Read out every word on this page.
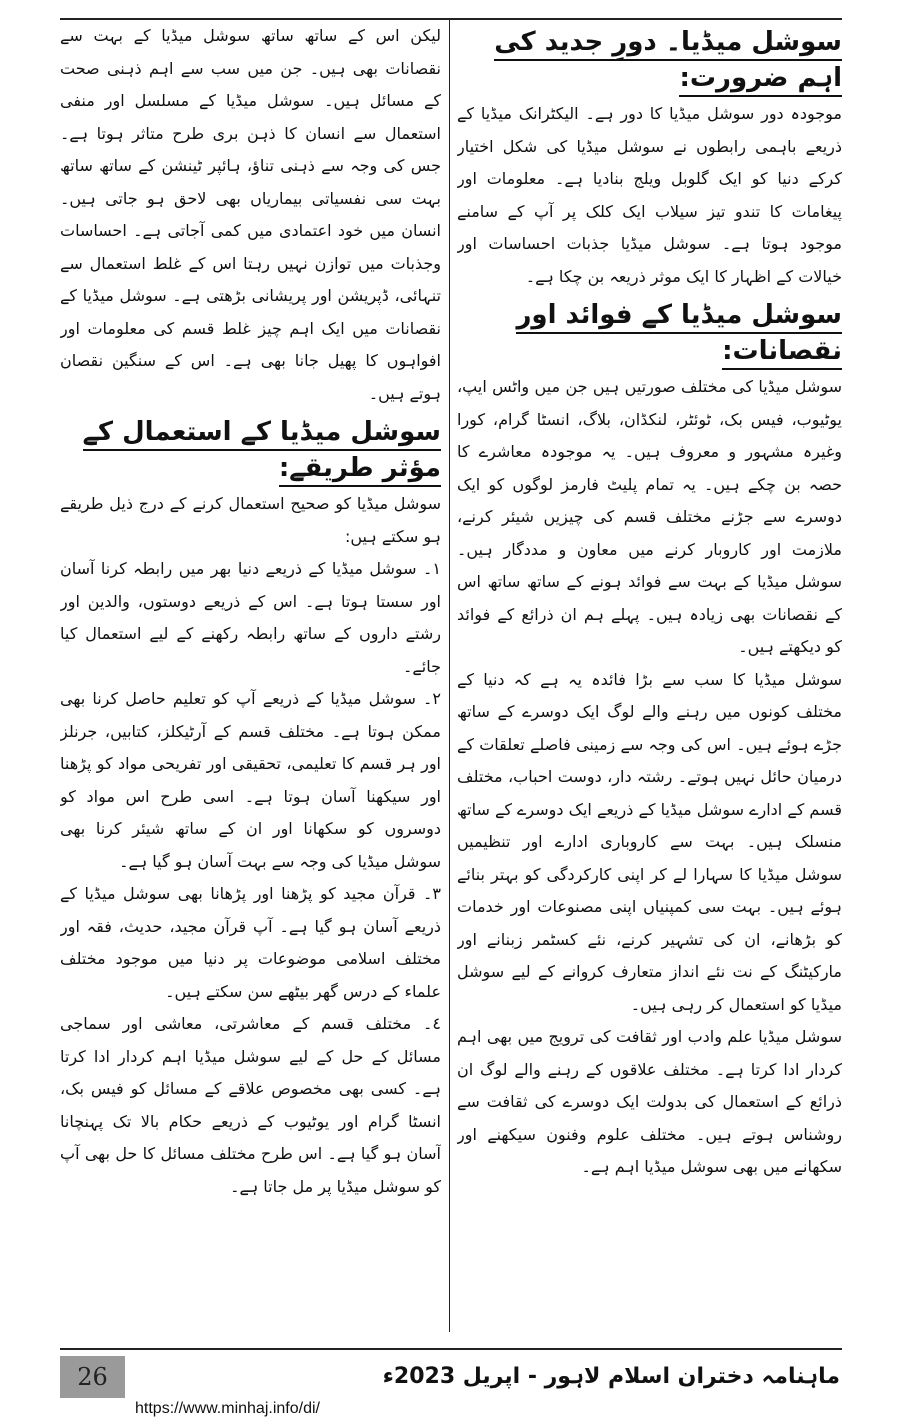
سوشل میڈیا۔ دورِ جدید کی اہم ضرورت:

موجودہ دور سوشل میڈیا کا دور ہے۔ الیکٹرانک میڈیا کے ذریعے باہمی رابطوں نے سوشل میڈیا کی شکل اختیار کرکے دنیا کو ایک گلوبل ویلج بنادیا ہے۔ معلومات اور پیغامات کا تندو تیز سیلاب ایک کلک پر آپ کے سامنے موجود ہوتا ہے۔ سوشل میڈیا جذبات احساسات اور خیالات کے اظہار کا ایک موثر ذریعہ بن چکا ہے۔

سوشل میڈیا کے فوائد اور نقصانات:

سوشل میڈیا کی مختلف صورتیں ہیں جن میں واٹس ایپ، یوٹیوب، فیس بک، ٹوئٹر، لنکڈان، بلاگ، انسٹا گرام، کورا وغیرہ مشہور و معروف ہیں۔ یہ موجودہ معاشرے کا حصہ بن چکے ہیں۔ یہ تمام پلیٹ فارمز لوگوں کو ایک دوسرے سے جڑنے مختلف قسم کی چیزیں شیئر کرنے، ملازمت اور کاروبار کرنے میں معاون و مددگار ہیں۔ سوشل میڈیا کے بہت سے فوائد ہونے کے ساتھ ساتھ اس کے نقصانات بھی زیادہ ہیں۔ پہلے ہم ان ذرائع کے فوائد کو دیکھتے ہیں۔

سوشل میڈیا کا سب سے بڑا فائدہ یہ ہے کہ دنیا کے مختلف کونوں میں رہنے والے لوگ ایک دوسرے کے ساتھ جڑے ہوئے ہیں۔ اس کی وجہ سے زمینی فاصلے تعلقات کے درمیان حائل نہیں ہوتے۔ رشتہ دار، دوست احباب، مختلف قسم کے ادارے سوشل میڈیا کے ذریعے ایک دوسرے کے ساتھ منسلک ہیں۔ بہت سے کاروباری ادارے اور تنظیمیں سوشل میڈیا کا سہارا لے کر اپنی کارکردگی کو بہتر بنائے ہوئے ہیں۔ بہت سی کمپنیاں اپنی مصنوعات اور خدمات کو بڑھانے، ان کی تشہیر کرنے، نئے کسٹمر زبنانے اور مارکیٹنگ کے نت نئے انداز متعارف کروانے کے لیے سوشل میڈیا کو استعمال کر رہی ہیں۔

سوشل میڈیا علم وادب اور ثقافت کی ترویج میں بھی اہم کردار ادا کرتا ہے۔ مختلف علاقوں کے رہنے والے لوگ ان ذرائع کے استعمال کی بدولت ایک دوسرے کی ثقافت سے روشناس ہوتے ہیں۔ مختلف علوم وفنون سیکھنے اور سکھانے میں بھی سوشل میڈیا اہم ہے۔

لیکن اس کے ساتھ ساتھ سوشل میڈیا کے بہت سے نقصانات بھی ہیں۔ جن میں سب سے اہم ذہنی صحت کے مسائل ہیں۔ سوشل میڈیا کے مسلسل اور منفی استعمال سے انسان کا ذہن بری طرح متاثر ہوتا ہے۔ جس کی وجہ سے ذہنی تناؤ، ہائپر ٹینشن کے ساتھ ساتھ بہت سی نفسیاتی بیماریاں بھی لاحق ہو جاتی ہیں۔ انسان میں خود اعتمادی میں کمی آجاتی ہے۔ احساسات وجذبات میں توازن نہیں رہتا اس کے غلط استعمال سے تنہائی، ڈپریشن اور پریشانی بڑھتی ہے۔ سوشل میڈیا کے نقصانات میں ایک اہم چیز غلط قسم کی معلومات اور افواہوں کا پھیل جانا بھی ہے۔ اس کے سنگین نقصان ہوتے ہیں۔

سوشل میڈیا کے استعمال کے مؤثر طریقے:

سوشل میڈیا کو صحیح استعمال کرنے کے درج ذیل طریقے ہو سکتے ہیں:

١۔ سوشل میڈیا کے ذریعے دنیا بھر میں رابطہ کرنا آسان اور سستا ہوتا ہے۔ اس کے ذریعے دوستوں، والدین اور رشتے داروں کے ساتھ رابطہ رکھنے کے لیے استعمال کیا جائے۔

٢۔ سوشل میڈیا کے ذریعے آپ کو تعلیم حاصل کرنا بھی ممکن ہوتا ہے۔ مختلف قسم کے آرٹیکلز، کتابیں، جرنلز اور ہر قسم کا تعلیمی، تحقیقی اور تفریحی مواد کو پڑھنا اور سیکھنا آسان ہوتا ہے۔ اسی طرح اس مواد کو دوسروں کو سکھانا اور ان کے ساتھ شیئر کرنا بھی سوشل میڈیا کی وجہ سے بہت آسان ہو گیا ہے۔

٣۔ قرآن مجید کو پڑھنا اور پڑھانا بھی سوشل میڈیا کے ذریعے آسان ہو گیا ہے۔ آپ قرآن مجید، حدیث، فقہ اور مختلف اسلامی موضوعات پر دنیا میں موجود مختلف علماء کے درس گھر بیٹھے سن سکتے ہیں۔

٤۔ مختلف قسم کے معاشرتی، معاشی اور سماجی مسائل کے حل کے لیے سوشل میڈیا اہم کردار ادا کرتا ہے۔ کسی بھی مخصوص علاقے کے مسائل کو فیس بک، انسٹا گرام اور یوٹیوب کے ذریعے حکام بالا تک پہنچانا آسان ہو گیا ہے۔ اس طرح مختلف مسائل کا حل بھی آپ کو سوشل میڈیا پر مل جاتا ہے۔

26	ماہنامہ دختران اسلام لاہور - اپریل 2023ء
https://www.minhaj.info/di/
